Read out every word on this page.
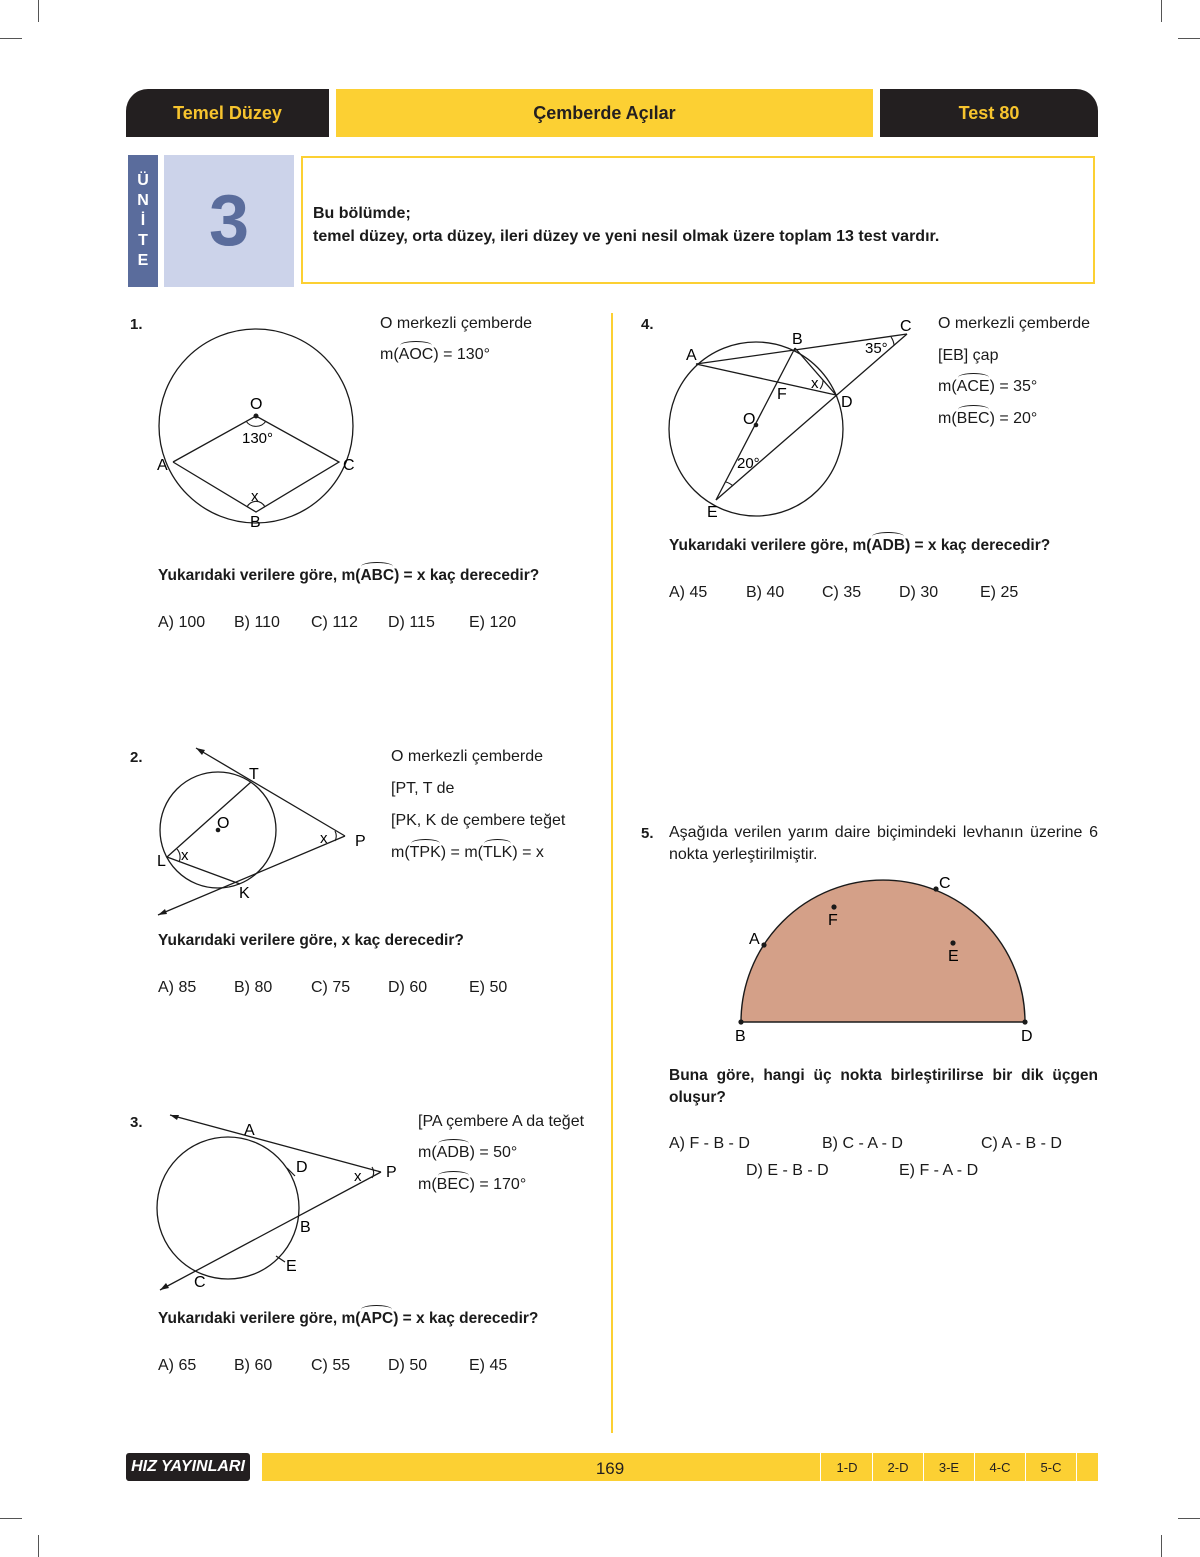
Temel Düzey	Çemberde Açılar	Test 80
Ü
N
İ
T
E 3	Bu bölümde;
temel düzey, orta düzey, ileri düzey ve yeni nesil olmak üzere toplam 13 test vardır.
1.
O
130°
A	C
x
B
O merkezli çemberde
m(AOC) = 130°
Yukarıdaki verilere göre, m(ABC) = x kaç derecedir?
A) 100 B) 110 C) 112 D) 115 E) 120
2.
T
O
x P
L x
K
O merkezli çemberde
[PT, T de
[PK, K de çembere teğet
m(TPK) = m(TLK) = x
Yukarıdaki verilere göre, x kaç derecedir?
A) 85 B) 80 C) 75 D) 60	E) 50
3.	A
D
x P
B
E
C
[PA çembere A da teğet
m(ADB) = 50°
m(BEC) = 170°
Yukarıdaki verilere göre, m(APC) = x kaç derecedir?
A) 65 B) 60 C) 55 D) 50	E) 45
4.
B
C
A	35°
x
F	D
O
20°
E
O merkezli çemberde
[EB] çap
m(ACE) = 35°
m(BEC) = 20°
Yukarıdaki verilere göre, m(ADB) = x kaç derecedir?
A) 45 B) 40 C) 35 D) 30	E) 25
5. Aşağıda verilen yarım daire biçimindeki levhanın üzerine 6
nokta yerleştirilmiştir.
C
F
A
E
B	D
Buna göre, hangi üç nokta birleştirilirse bir dik üçgen
oluşur?
A) F - B - D	B) C - A - D	C) A - B - D
D) E - B - D	E) F - A - D
HIZ YAYINLARI	169	1-D	2-D	3-E	4-C	5-C
